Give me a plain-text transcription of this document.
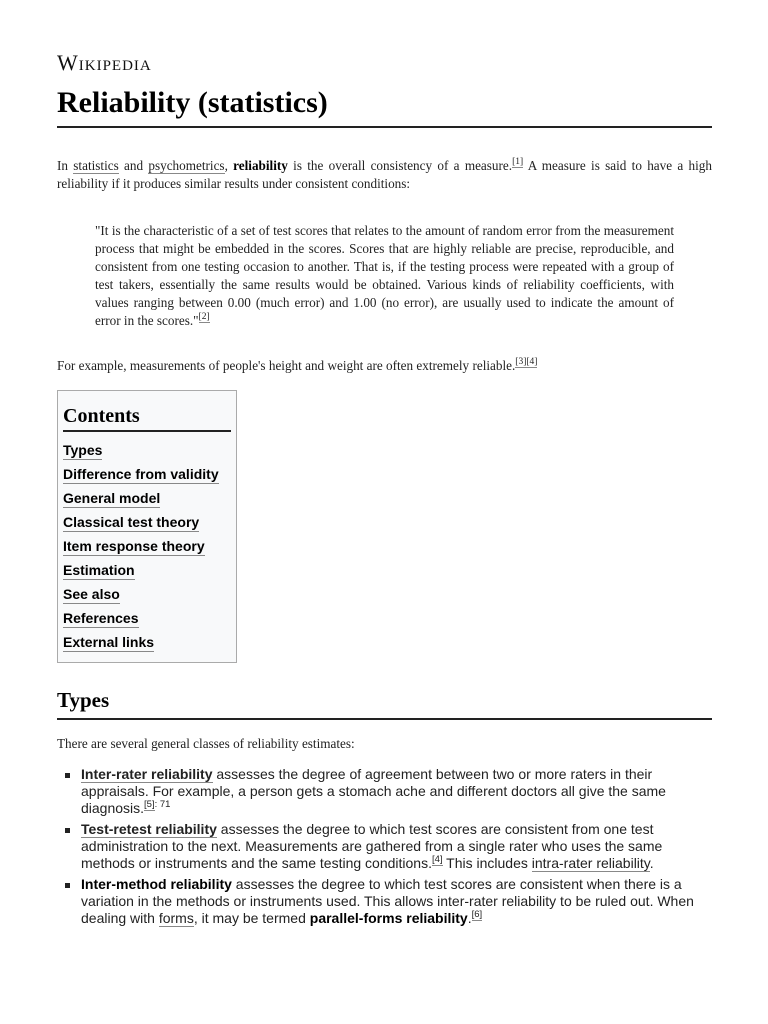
Wikipedia
Reliability (statistics)

In statistics and psychometrics, reliability is the overall consistency of a measure.[1] A measure is said to have a high reliability if it produces similar results under consistent conditions:

"It is the characteristic of a set of test scores that relates to the amount of random error from the measurement process that might be embedded in the scores. Scores that are highly reliable are precise, reproducible, and consistent from one testing occasion to another. That is, if the testing process were repeated with a group of test takers, essentially the same results would be obtained. Various kinds of reliability coefficients, with values ranging between 0.00 (much error) and 1.00 (no error), are usually used to indicate the amount of error in the scores."[2]

For example, measurements of people's height and weight are often extremely reliable.[3][4]

Contents
Types
Difference from validity
General model
Classical test theory
Item response theory
Estimation
See also
References
External links
Types

There are several general classes of reliability estimates:

Inter-rater reliability assesses the degree of agreement between two or more raters in their appraisals. For example, a person gets a stomach ache and different doctors all give the same diagnosis.$^{[5]: 71}$
Test-retest reliability assesses the degree to which test scores are consistent from one test administration to the next. Measurements are gathered from a single rater who uses the same methods or instruments and the same testing conditions.[4] This includes intra-rater reliability.
Inter-method reliability assesses the degree to which test scores are consistent when there is a variation in the methods or instruments used. This allows inter-rater reliability to be ruled out. When dealing with forms, it may be termed parallel-forms reliability.[6]
